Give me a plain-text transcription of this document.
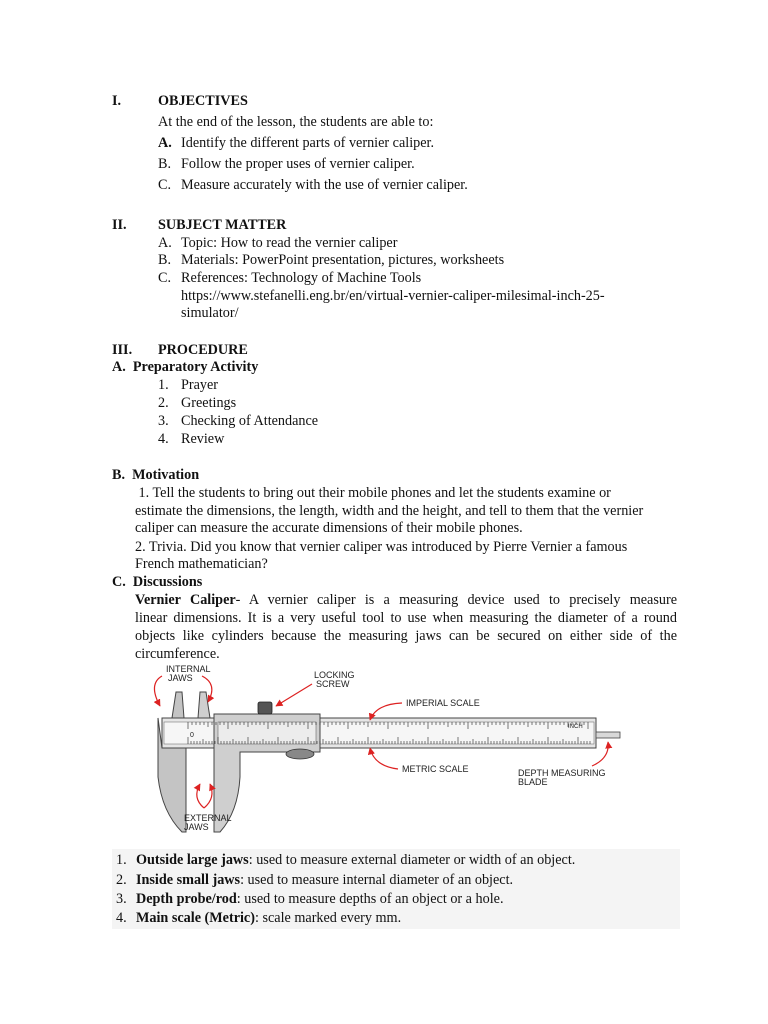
I.	OBJECTIVES
At the end of the lesson, the students are able to:
A. Identify the different parts of vernier caliper.
B. Follow the proper uses of vernier caliper.
C. Measure accurately with the use of vernier caliper.
II. SUBJECT MATTER
A. Topic: How to read the vernier caliper
B. Materials: PowerPoint presentation, pictures, worksheets
C. References: Technology of Machine Tools
https://www.stefanelli.eng.br/en/virtual-vernier-caliper-milesimal-inch-25-
simulator/
III. PROCEDURE
A.  Preparatory Activity
1. Prayer
2. Greetings
3. Checking of Attendance
4. Review
B.  Motivation
1. Tell the students to bring out their mobile phones and let the students examine or
estimate the dimensions, the length, width and the height, and tell to them that the vernier
caliper can measure the accurate dimensions of their mobile phones.
2. Trivia. Did you know that vernier caliper was introduced by Pierre Vernier a famous
French mathematician?
C.  Discussions
Vernier Caliper- A vernier caliper is a measuring device used to precisely measure
linear dimensions. It is a very useful tool to use when measuring the diameter of a round
objects like cylinders because the measuring jaws can be secured on either side of the
circumference.
0
INCH
INTERNAL
JAWS	LOCKING
SCREW
IMPERIAL SCALE
METRIC SCALE	DEPTH MEASURING
BLADE
EXTERNAL
JAWS
1. Outside large jaws: used to measure external diameter or width of an object.
2. Inside small jaws: used to measure internal diameter of an object.
3. Depth probe/rod: used to measure depths of an object or a hole.
4. Main scale (Metric): scale marked every mm.
